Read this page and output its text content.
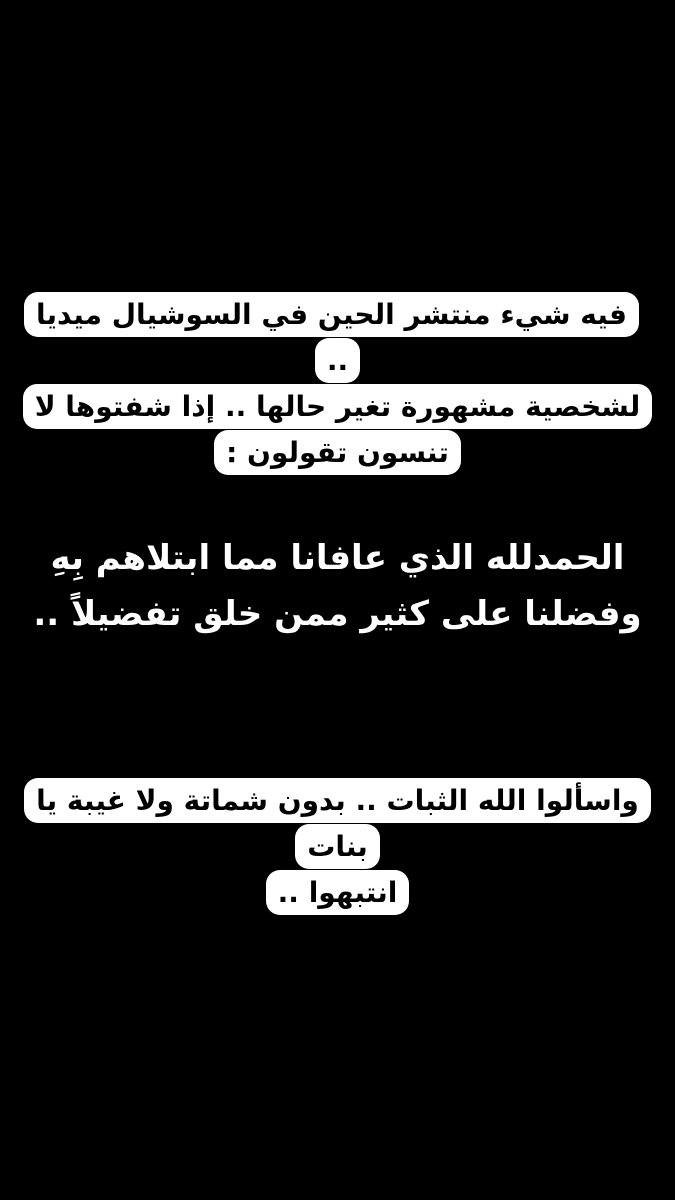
فيه شيء منتشر الحين في السوشيال ميديا ..
لشخصية مشهورة تغير حالها .. إذا شفتوها لا
تنسون تقولون :
الحمدلله الذي عافانا مما ابتلاهم بِهِ
وفضلنا على كثير ممن خلق تفضيلاً ..
واسألوا الله الثبات .. بدون شماتة ولا غيبة يا بنات
انتبهوا ..
